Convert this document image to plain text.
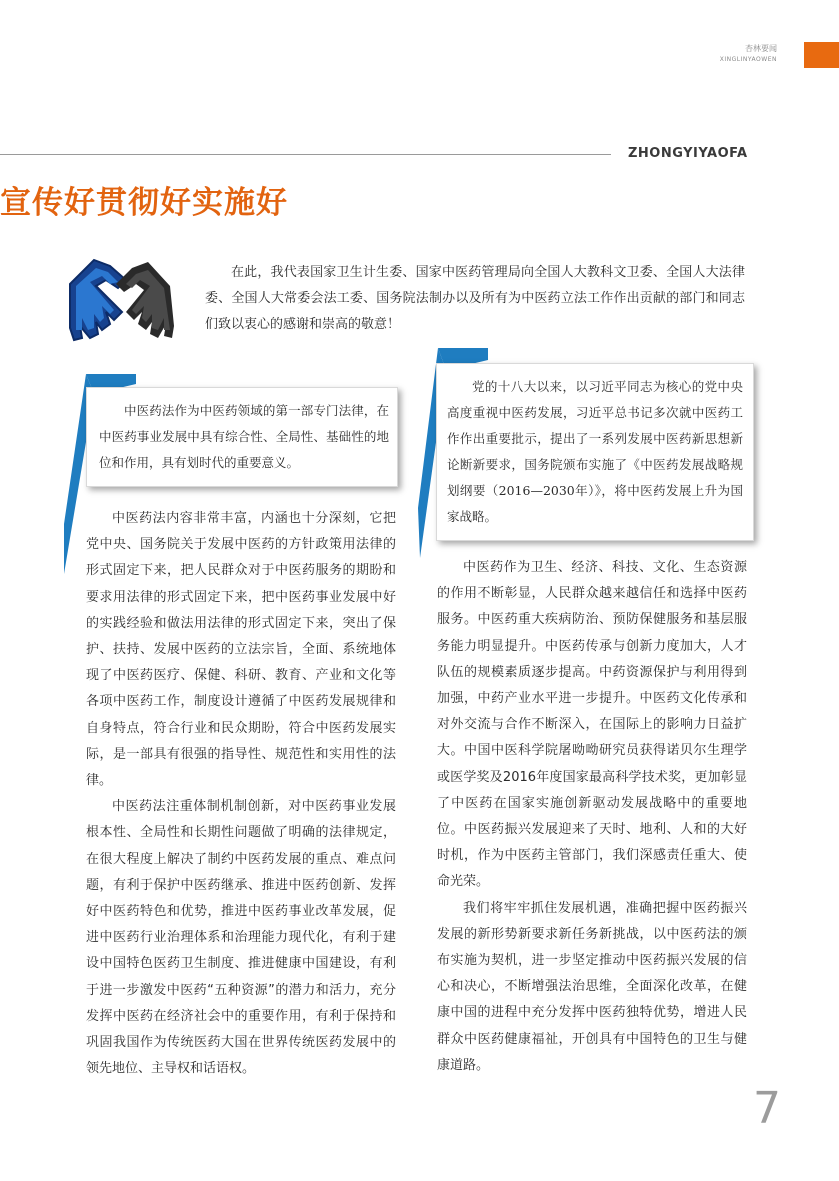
杏林要闻
XINGLINYAOWEN
ZHONGYIYAOFA
宣传好贯彻好实施好
在此，我代表国家卫生计生委、国家中医药管理局向全国人大教科文卫委、全国人大法律委、全国人大常委会法工委、国务院法制办以及所有为中医药立法工作作出贡献的部门和同志们致以衷心的感谢和崇高的敬意！
中医药法作为中医药领域的第一部专门法律，在中医药事业发展中具有综合性、全局性、基础性的地位和作用，具有划时代的重要意义。
党的十八大以来，以习近平同志为核心的党中央高度重视中医药发展，习近平总书记多次就中医药工作作出重要批示，提出了一系列发展中医药新思想新论断新要求，国务院颁布实施了《中医药发展战略规划纲要（2016—2030年）》，将中医药发展上升为国家战略。

中医药法内容非常丰富，内涵也十分深刻，它把党中央、国务院关于发展中医药的方针政策用法律的形式固定下来，把人民群众对于中医药服务的期盼和要求用法律的形式固定下来，把中医药事业发展中好的实践经验和做法用法律的形式固定下来，突出了保护、扶持、发展中医药的立法宗旨，全面、系统地体现了中医药医疗、保健、科研、教育、产业和文化等各项中医药工作，制度设计遵循了中医药发展规律和自身特点，符合行业和民众期盼，符合中医药发展实际，是一部具有很强的指导性、规范性和实用性的法律。

中医药法注重体制机制创新，对中医药事业发展根本性、全局性和长期性问题做了明确的法律规定，在很大程度上解决了制约中医药发展的重点、难点问题，有利于保护中医药继承、推进中医药创新、发挥好中医药特色和优势，推进中医药事业改革发展，促进中医药行业治理体系和治理能力现代化，有利于建设中国特色医药卫生制度、推进健康中国建设，有利于进一步激发中医药“五种资源”的潜力和活力，充分发挥中医药在经济社会中的重要作用，有利于保持和巩固我国作为传统医药大国在世界传统医药发展中的领先地位、主导权和话语权。

中医药作为卫生、经济、科技、文化、生态资源的作用不断彰显，人民群众越来越信任和选择中医药服务。中医药重大疾病防治、预防保健服务和基层服务能力明显提升。中医药传承与创新力度加大，人才队伍的规模素质逐步提高。中药资源保护与利用得到加强，中药产业水平进一步提升。中医药文化传承和对外交流与合作不断深入，在国际上的影响力日益扩大。中国中医科学院屠呦呦研究员获得诺贝尔生理学或医学奖及2016年度国家最高科学技术奖，更加彰显了中医药在国家实施创新驱动发展战略中的重要地位。中医药振兴发展迎来了天时、地利、人和的大好时机，作为中医药主管部门，我们深感责任重大、使命光荣。

我们将牢牢抓住发展机遇，准确把握中医药振兴发展的新形势新要求新任务新挑战，以中医药法的颁布实施为契机，进一步坚定推动中医药振兴发展的信心和决心，不断增强法治思维，全面深化改革，在健康中国的进程中充分发挥中医药独特优势，增进人民群众中医药健康福祉，开创具有中国特色的卫生与健康道路。

7
